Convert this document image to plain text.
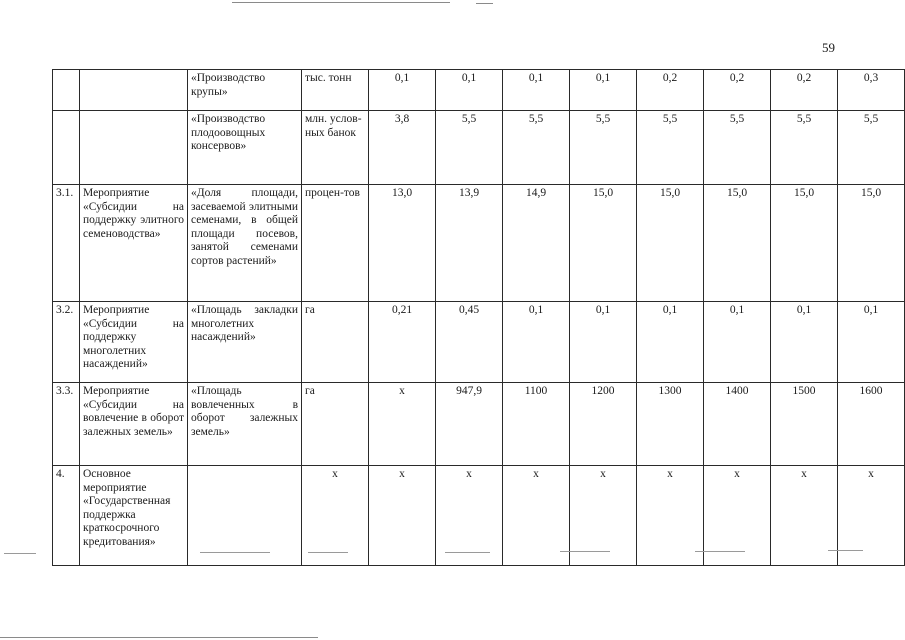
59
		«Производство крупы»	тыс. тонн	0,1	0,1	0,1	0,1	0,2	0,2	0,2	0,3
		«Производство плодоовощных консервов»	млн. услов-ных банок	3,8	5,5	5,5	5,5	5,5	5,5	5,5	5,5
3.1.	Мероприятие «Субсидии на поддержку элитного семеноводства»	«Доля площади, засеваемой элитными семенами, в общей площади посевов, занятой семенами сортов растений»	процен-тов	13,0	13,9	14,9	15,0	15,0	15,0	15,0	15,0
3.2.	Мероприятие «Субсидии на поддержку многолетних насаждений»	«Площадь закладки многолетних насаждений»	га	0,21	0,45	0,1	0,1	0,1	0,1	0,1	0,1
3.3.	Мероприятие «Субсидии на вовлечение в оборот залежных земель»	«Площадь вовлеченных в оборот залежных земель»	га	х	947,9	1100	1200	1300	1400	1500	1600
4.	Основное мероприятие «Государственная поддержка краткосрочного кредитования»		х	х	х	х	х	х	х	х	х
